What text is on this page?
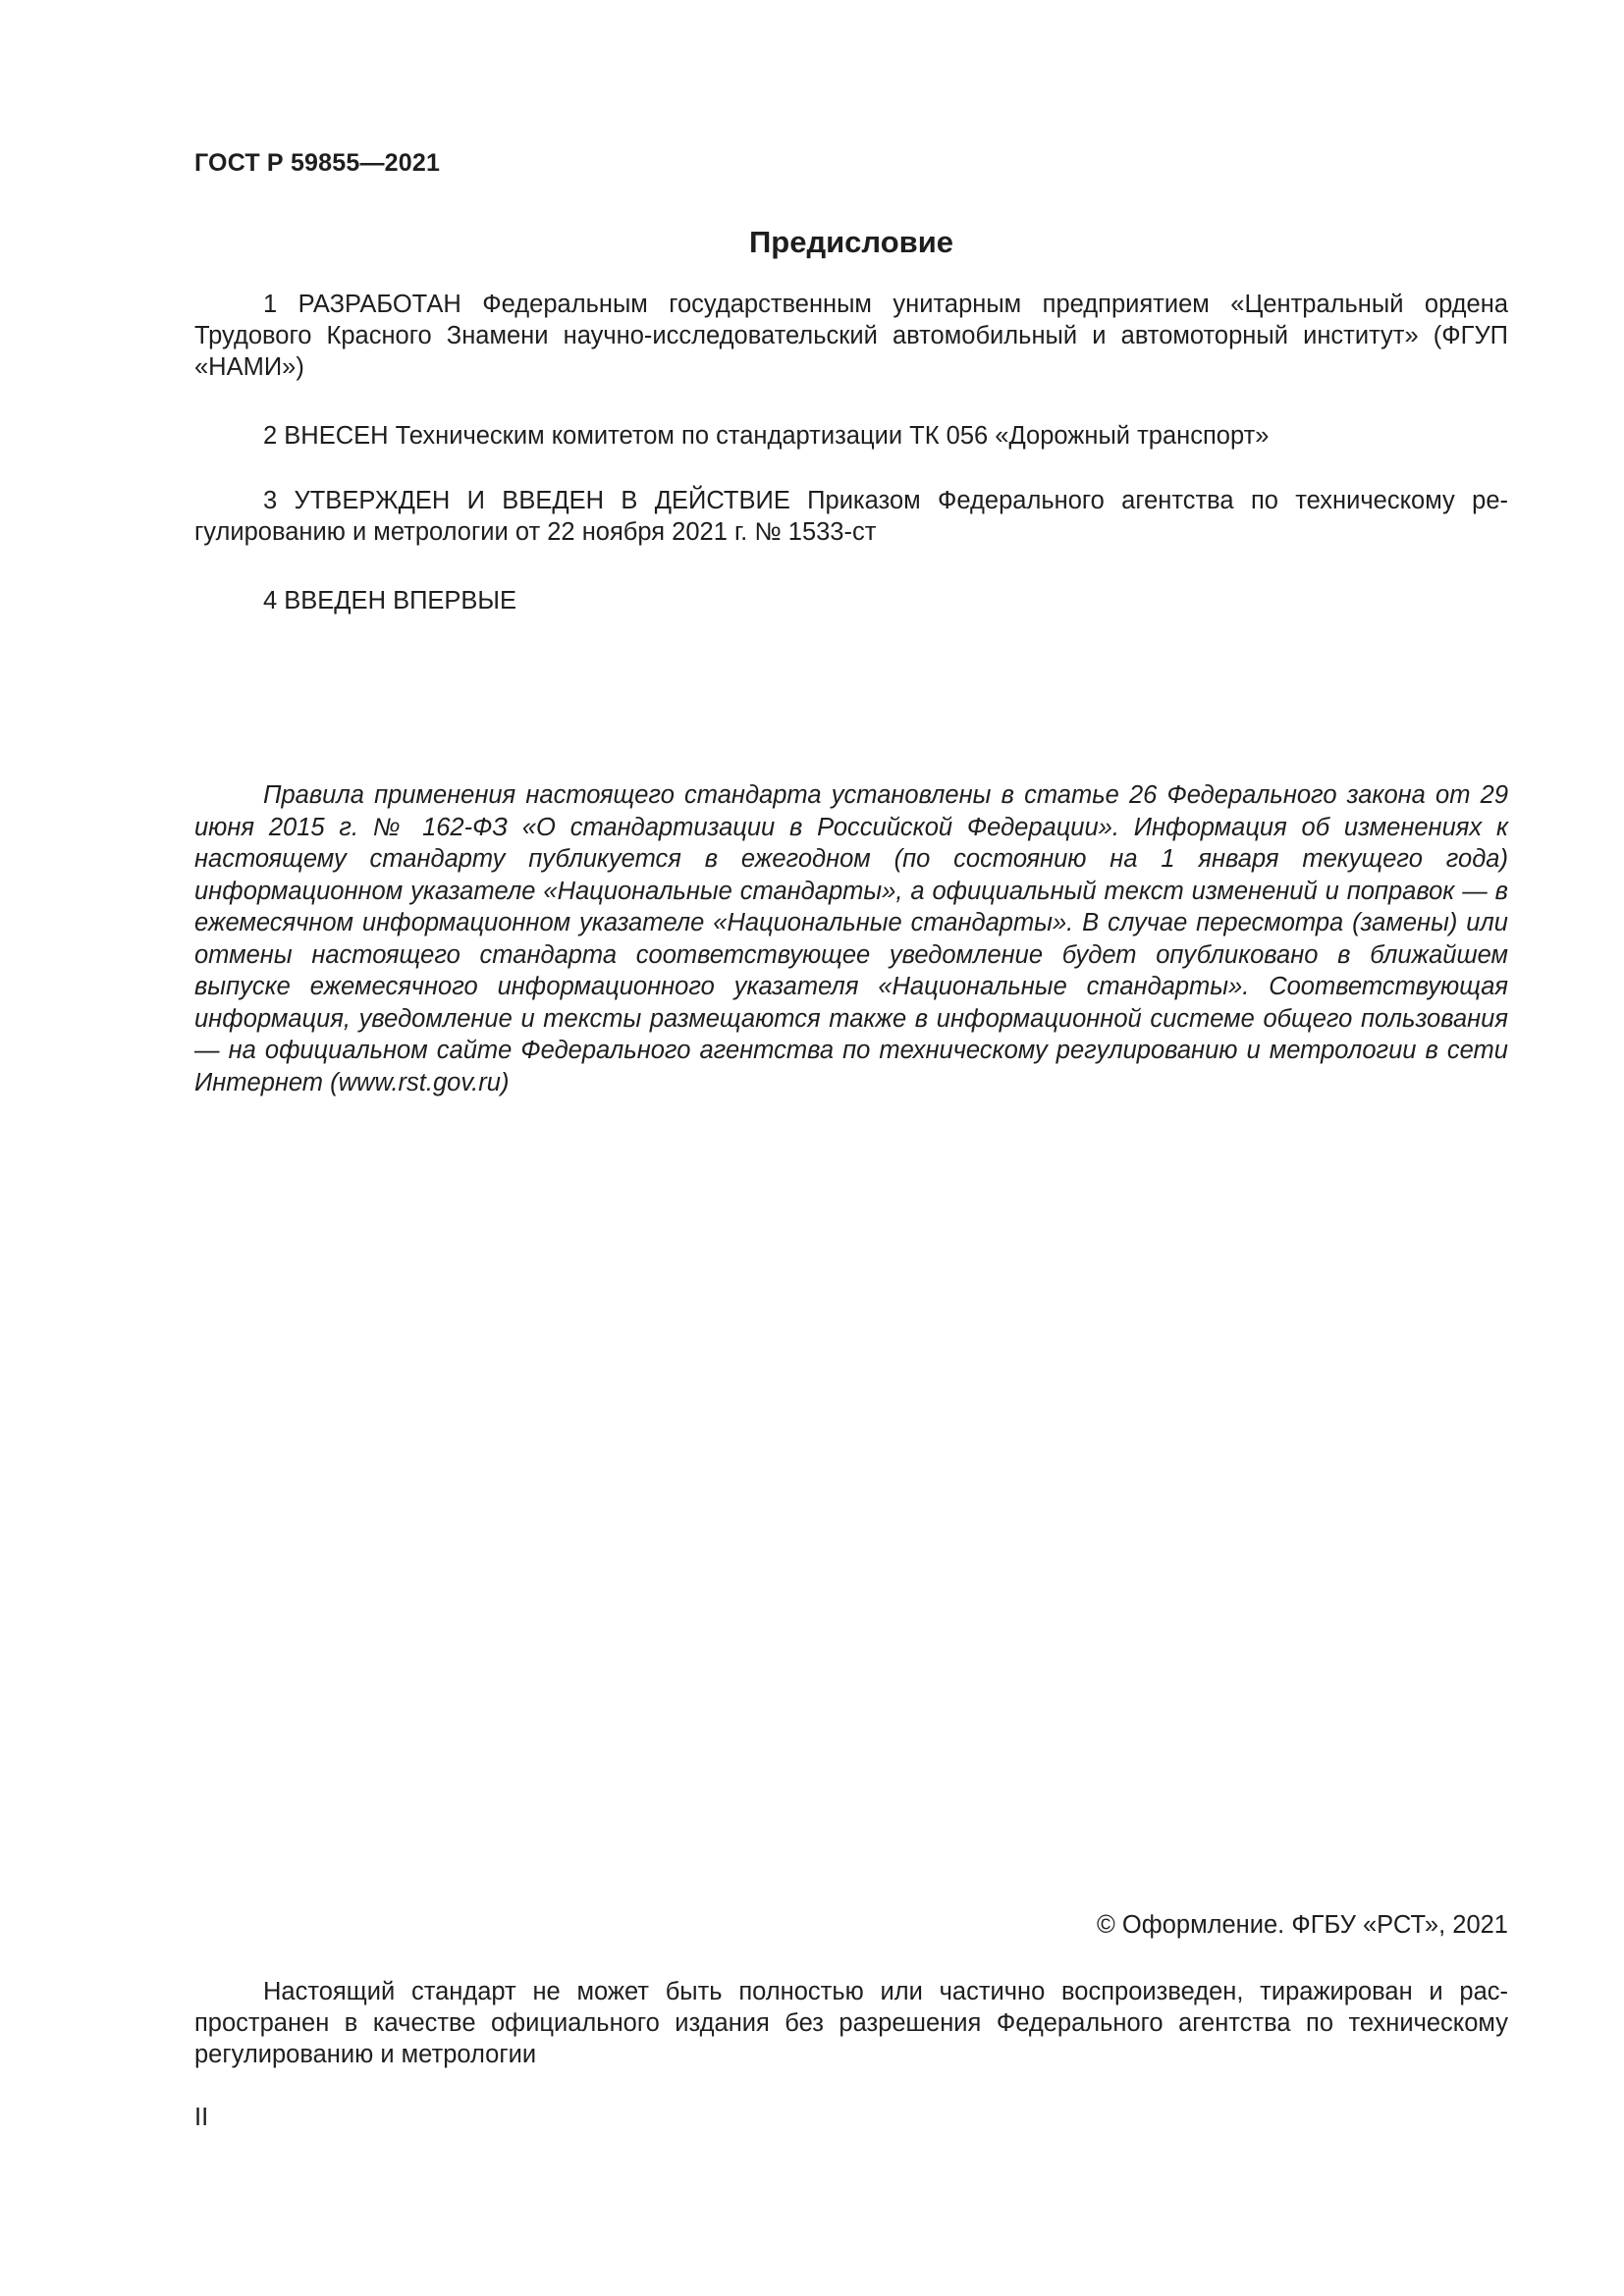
ГОСТ Р 59855—2021
Предисловие

1 РАЗРАБОТАН Федеральным государственным унитарным предприятием «Центральный ордена Трудового Красного Знамени научно-исследовательский автомобильный и автомоторный институт» (ФГУП «НАМИ»)

2 ВНЕСЕН Техническим комитетом по стандартизации ТК 056 «Дорожный транспорт»

3 УТВЕРЖДЕН И ВВЕДЕН В ДЕЙСТВИЕ Приказом Федерального агентства по техническому регулированию и метрологии от 22 ноября 2021 г. № 1533-ст

4 ВВЕДЕН ВПЕРВЫЕ

Правила применения настоящего стандарта установлены в статье 26 Федерального закона от 29 июня 2015 г. № 162-ФЗ «О стандартизации в Российской Федерации». Информация об изменениях к настоящему стандарту публикуется в ежегодном (по состоянию на 1 января текущего года) информационном указателе «Национальные стандарты», а официальный текст изменений и поправок — в ежемесячном информационном указателе «Национальные стандарты». В случае пересмотра (замены) или отмены настоящего стандарта соответствующее уведомление будет опубликовано в ближайшем выпуске ежемесячного информационного указателя «Национальные стандарты». Соответствующая информация, уведомление и тексты размещаются также в информационной системе общего пользования — на официальном сайте Федерального агентства по техническому регулированию и метрологии в сети Интернет (www.rst.gov.ru)

© Оформление. ФГБУ «РСТ», 2021

Настоящий стандарт не может быть полностью или частично воспроизведен, тиражирован и распространен в качестве официального издания без разрешения Федерального агентства по техническому регулированию и метрологии

II
